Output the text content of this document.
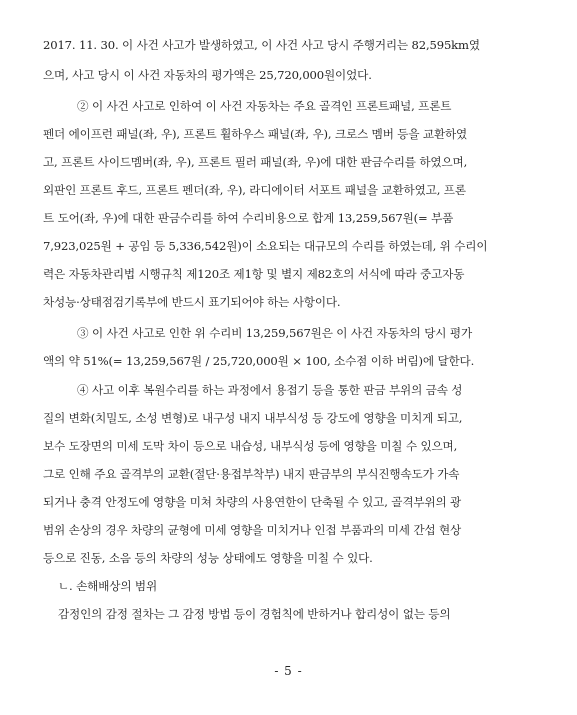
2017. 11. 30. 이 사건 사고가 발생하였고, 이 사건 사고 당시 주행거리는 82,595km였
으며, 사고 당시 이 사건 자동차의 평가액은 25,720,000원이었다.
② 이 사건 사고로 인하여 이 사건 자동차는 주요 골격인 프론트패널, 프론트
펜더 에이프런 패널(좌, 우), 프론트 휠하우스 패널(좌, 우), 크로스 멤버 등을 교환하였
고, 프론트 사이드멤버(좌, 우), 프론트 필러 패널(좌, 우)에 대한 판금수리를 하였으며,
외판인 프론트 후드, 프론트 펜더(좌, 우), 라디에이터 서포트 패널을 교환하였고, 프론
트 도어(좌, 우)에 대한 판금수리를 하여 수리비용으로 합계 13,259,567원(= 부품
7,923,025원 + 공임 등 5,336,542원)이 소요되는 대규모의 수리를 하였는데, 위 수리이
력은 자동차관리법 시행규칙 제120조 제1항 및 별지 제82호의 서식에 따라 중고자동
차성능·상태점검기록부에 반드시 표기되어야 하는 사항이다.
③ 이 사건 사고로 인한 위 수리비 13,259,567원은 이 사건 자동차의 당시 평가
액의 약 51%(= 13,259,567원 / 25,720,000원 × 100, 소수점 이하 버림)에 달한다.
④ 사고 이후 복원수리를 하는 과정에서 용접기 등을 통한 판금 부위의 금속 성
질의 변화(치밀도, 소성 변형)로 내구성 내지 내부식성 등 강도에 영향을 미치게 되고,
보수 도장면의 미세 도막 차이 등으로 내습성, 내부식성 등에 영향을 미칠 수 있으며,
그로 인해 주요 골격부의 교환(절단·용접부착부) 내지 판금부의 부식진행속도가 가속
되거나 충격 안정도에 영향을 미쳐 차량의 사용연한이 단축될 수 있고, 골격부위의 광
범위 손상의 경우 차량의 균형에 미세 영향을 미치거나 인접 부품과의 미세 간섭 현상
등으로 진동, 소음 등의 차량의 성능 상태에도 영향을 미칠 수 있다.
ㄴ. 손해배상의 범위
감정인의 감정 절차는 그 감정 방법 등이 경험칙에 반하거나 합리성이 없는 등의
- 5 -
